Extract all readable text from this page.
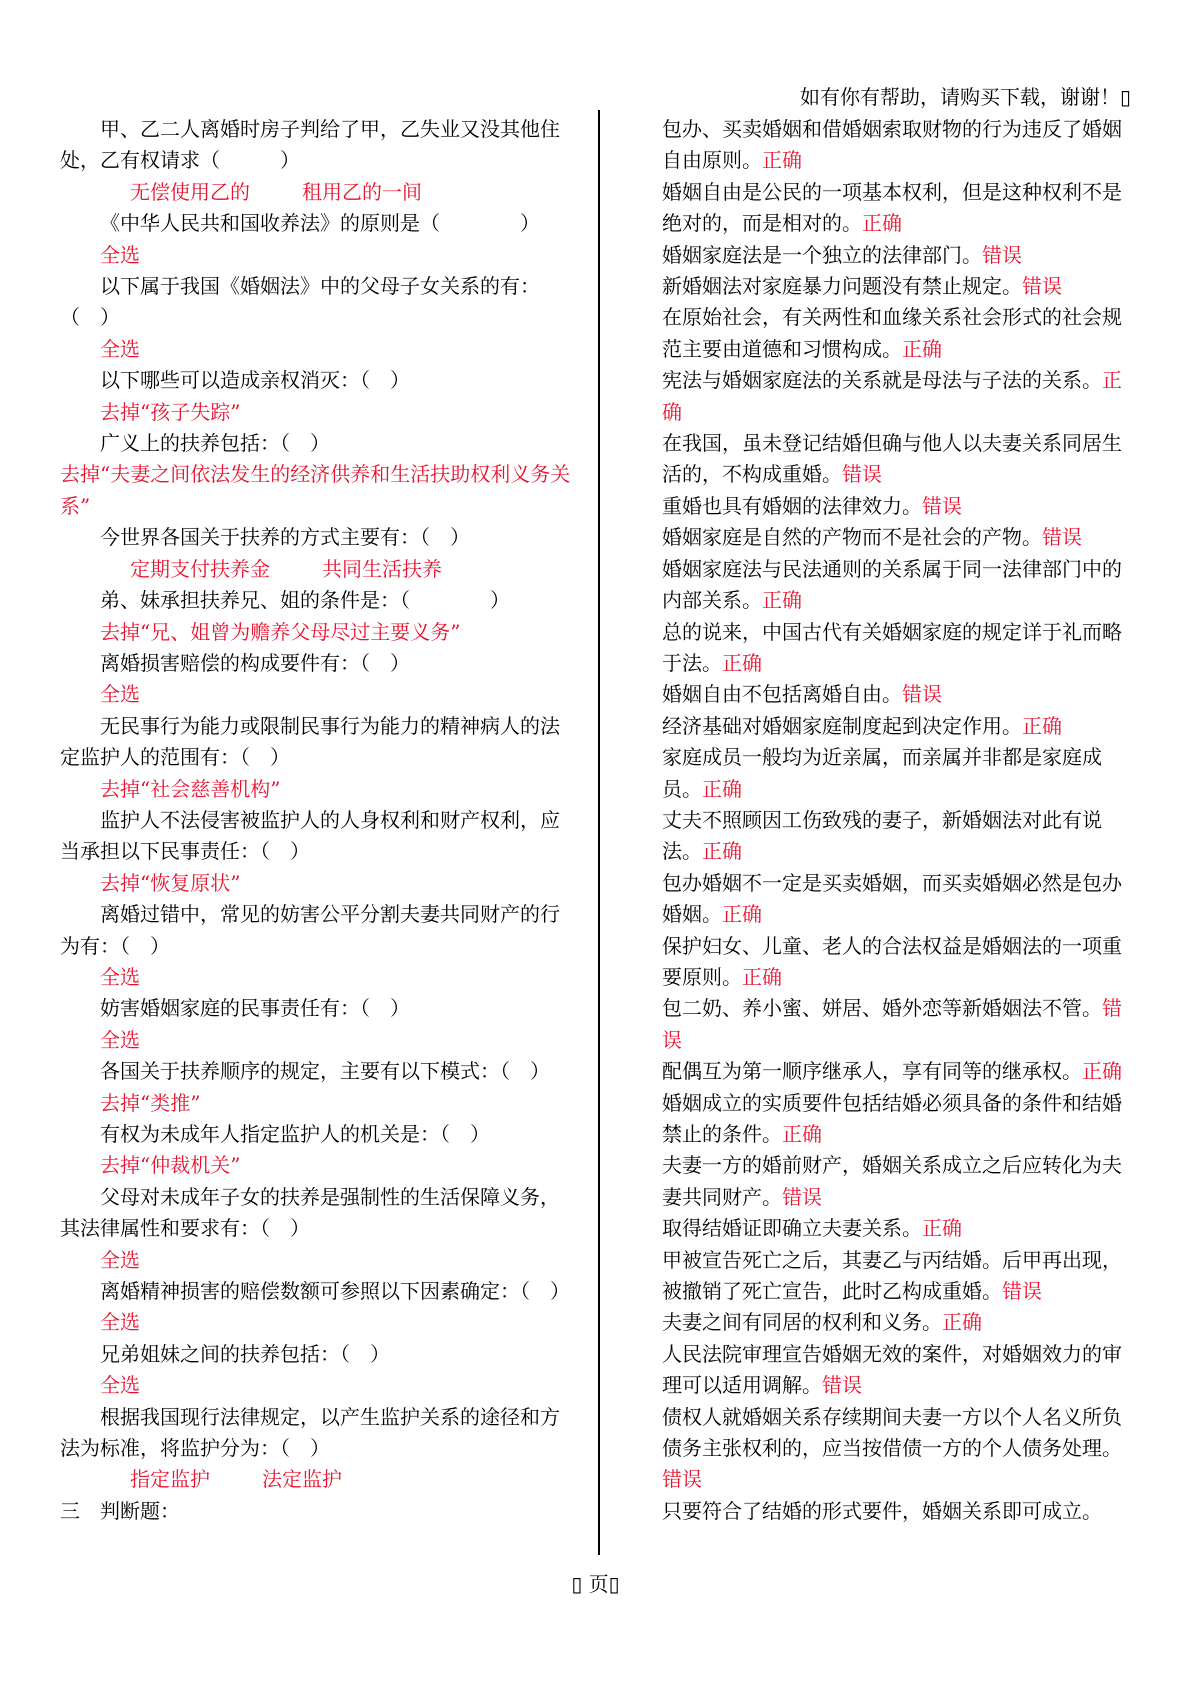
如有你有帮助，请购买下载，谢谢！▯

甲、乙二人离婚时房子判给了甲，乙失业又没其他住处，乙有权请求（　　　）

无偿使用乙的	租用乙的一间

《中华人民共和国收养法》的原则是（　　　　）

全选

以下属于我国《婚姻法》中的父母子女关系的有：（　）

全选

以下哪些可以造成亲权消灭：（　）

去掉“孩子失踪”

广义上的扶养包括：（　）

去掉“夫妻之间依法发生的经济供养和生活扶助权利义务关系”

今世界各国关于扶养的方式主要有：（　）

定期支付扶养金	共同生活扶养

弟、妹承担扶养兄、姐的条件是：（　　　　）

去掉“兄、姐曾为赡养父母尽过主要义务”

离婚损害赔偿的构成要件有：（　）

全选

无民事行为能力或限制民事行为能力的精神病人的法定监护人的范围有：（　）

去掉“社会慈善机构”

监护人不法侵害被监护人的人身权利和财产权利，应当承担以下民事责任：（　）

去掉“恢复原状”

离婚过错中，常见的妨害公平分割夫妻共同财产的行为有：（　）

全选

妨害婚姻家庭的民事责任有：（　）

全选

各国关于扶养顺序的规定，主要有以下模式：（　）

去掉“类推”

有权为未成年人指定监护人的机关是：（　）

去掉“仲裁机关”

父母对未成年子女的扶养是强制性的生活保障义务，其法律属性和要求有：（　）

全选

离婚精神损害的赔偿数额可参照以下因素确定：（　）

全选

兄弟姐妹之间的扶养包括：（　）

全选

根据我国现行法律规定，以产生监护关系的途径和方法为标准，将监护分为：（　）

指定监护	法定监护

三　判断题：

包办、买卖婚姻和借婚姻索取财物的行为违反了婚姻自由原则。正确

婚姻自由是公民的一项基本权利，但是这种权利不是绝对的，而是相对的。正确

婚姻家庭法是一个独立的法律部门。错误

新婚姻法对家庭暴力问题没有禁止规定。错误

在原始社会，有关两性和血缘关系社会形式的社会规范主要由道德和习惯构成。正确

宪法与婚姻家庭法的关系就是母法与子法的关系。正确

在我国，虽未登记结婚但确与他人以夫妻关系同居生活的，不构成重婚。错误

重婚也具有婚姻的法律效力。错误

婚姻家庭是自然的产物而不是社会的产物。错误

婚姻家庭法与民法通则的关系属于同一法律部门中的内部关系。正确

总的说来，中国古代有关婚姻家庭的规定详于礼而略于法。正确

婚姻自由不包括离婚自由。错误

经济基础对婚姻家庭制度起到决定作用。正确

家庭成员一般均为近亲属，而亲属并非都是家庭成员。正确

丈夫不照顾因工伤致残的妻子，新婚姻法对此有说法。正确

包办婚姻不一定是买卖婚姻，而买卖婚姻必然是包办婚姻。正确

保护妇女、儿童、老人的合法权益是婚姻法的一项重要原则。正确

包二奶、养小蜜、姘居、婚外恋等新婚姻法不管。错误

配偶互为第一顺序继承人，享有同等的继承权。正确

婚姻成立的实质要件包括结婚必须具备的条件和结婚禁止的条件。正确

夫妻一方的婚前财产，婚姻关系成立之后应转化为夫妻共同财产。错误

取得结婚证即确立夫妻关系。正确

甲被宣告死亡之后，其妻乙与丙结婚。后甲再出现，被撤销了死亡宣告，此时乙构成重婚。错误

夫妻之间有同居的权利和义务。正确

人民法院审理宣告婚姻无效的案件，对婚姻效力的审理可以适用调解。错误

债权人就婚姻关系存续期间夫妻一方以个人名义所负债务主张权利的，应当按借债一方的个人债务处理。错误

只要符合了结婚的形式要件，婚姻关系即可成立。

▯ 页▯
